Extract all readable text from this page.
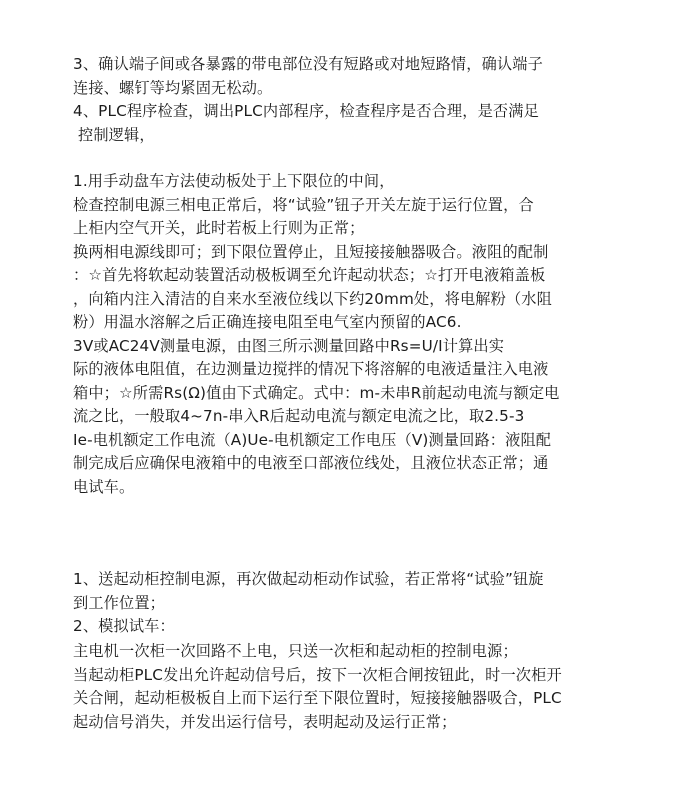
3、确认端子间或各暴露的带电部位没有短路或对地短路情，确认端子
连接、螺钉等均紧固无松动。
4、PLC程序检查，调出PLC内部程序，检查程序是否合理，是否满足
控制逻辑，
1.用手动盘车方法使动板处于上下限位的中间，
检查控制电源三相电正常后，将“试验”钮子开关左旋于运行位置，合
上柜内空气开关，此时若板上行则为正常；
换两相电源线即可；到下限位置停止，且短接接触器吸合。液阻的配制
：☆首先将软起动装置活动极板调至允许起动状态；☆打开电液箱盖板
，向箱内注入清洁的自来水至液位线以下约20mm处，将电解粉（水阻
粉）用温水溶解之后正确连接电阻至电气室内预留的AC6.
3V或AC24V测量电源，由图三所示测量回路中Rs=U/I计算出实
际的液体电阻值，在边测量边搅拌的情况下将溶解的电液适量注入电液
箱中；☆所需Rs(Ω)值由下式确定。式中：m-未串R前起动电流与额定电
流之比，一般取4~7n-串入R后起动电流与额定电流之比，取2.5-3
Ie-电机额定工作电流（A)Ue-电机额定工作电压（V)测量回路：液阻配
制完成后应确保电液箱中的电液至口部液位线处，且液位状态正常；通
电试车。
1、送起动柜控制电源，再次做起动柜动作试验，若正常将“试验”钮旋
到工作位置；
2、模拟试车：
主电机一次柜一次回路不上电，只送一次柜和起动柜的控制电源；
当起动柜PLC发出允许起动信号后，按下一次柜合闸按钮此，时一次柜开
关合闸，起动柜极板自上而下运行至下限位置时，短接接触器吸合，PLC
起动信号消失，并发出运行信号，表明起动及运行正常；
